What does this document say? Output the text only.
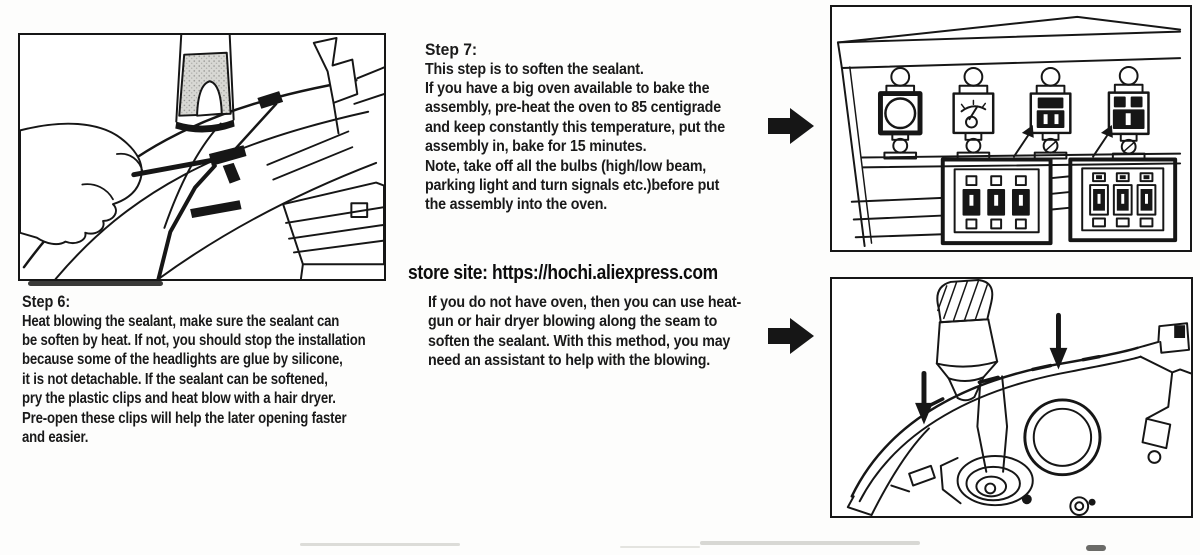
Step 6:
Heat blowing the sealant, make sure the sealant can
be soften by heat. If not, you should stop the installation
because some of the headlights are glue by silicone,
it is not detachable. If the sealant can be softened,
pry the plastic clips and heat blow with a hair dryer.
Pre-open these clips will help the later opening faster
and easier.
Step 7:
This step is to soften the sealant.
If you have a big oven available to bake the
assembly, pre-heat the oven to 85 centigrade
and keep constantly this temperature, put the
assembly in, bake for 15 minutes.
Note, take off all the bulbs (high/low beam,
parking light and turn signals etc.)before put
the assembly into the oven.
store site: https://hochi.aliexpress.com
If you do not have oven, then you can use heat-
gun or hair dryer blowing along the seam to
soften the sealant. With this method, you may
need an assistant to help with the blowing.
